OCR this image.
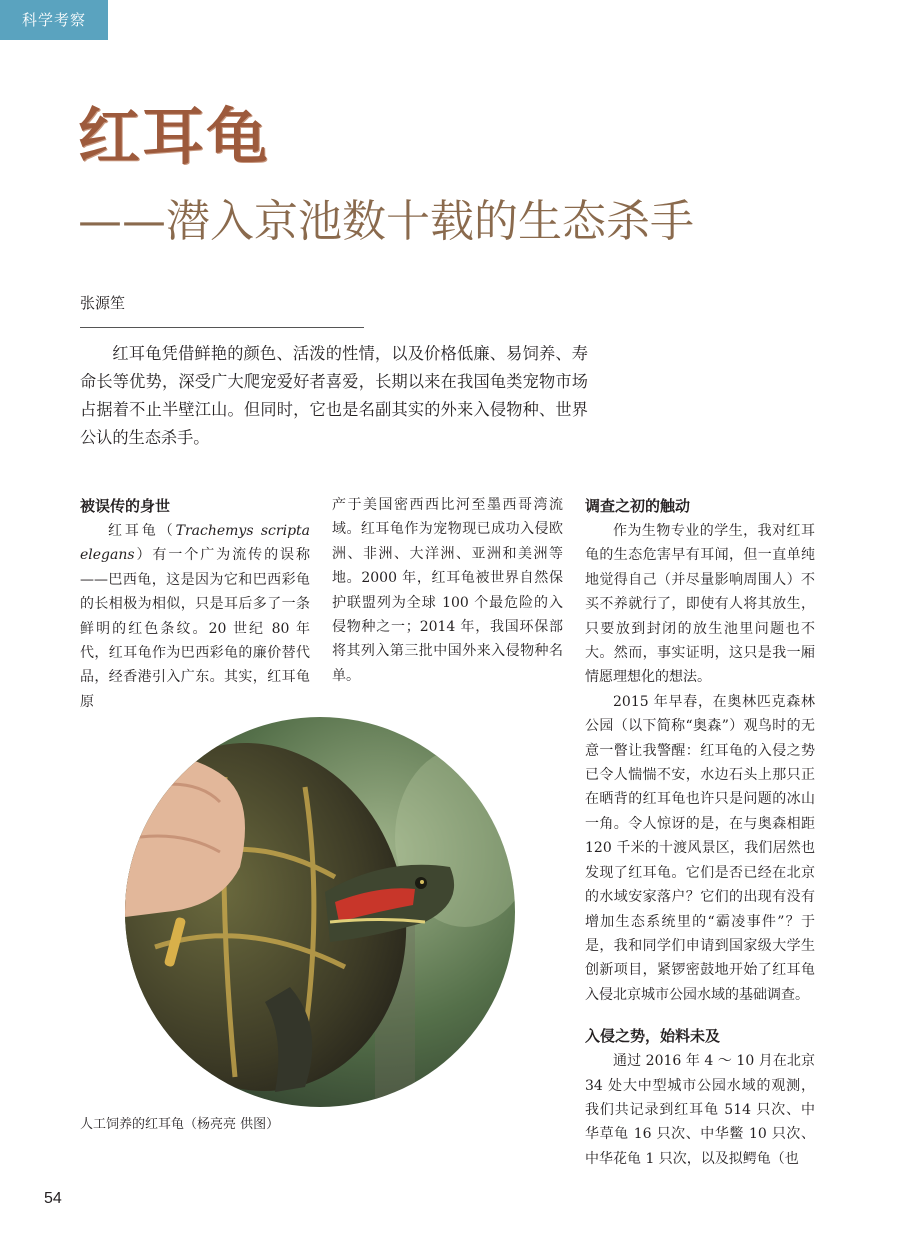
科学考察
红耳龟
——潜入京池数十载的生态杀手
张源笙

红耳龟凭借鲜艳的颜色、活泼的性情，以及价格低廉、易饲养、寿命长等优势，深受广大爬宠爱好者喜爱，长期以来在我国龟类宠物市场占据着不止半壁江山。但同时，它也是名副其实的外来入侵物种、世界公认的生态杀手。

被误传的身世

红耳龟（Trachemys scripta elegans）有一个广为流传的误称——巴西龟，这是因为它和巴西彩龟的长相极为相似，只是耳后多了一条鲜明的红色条纹。20 世纪 80 年代，红耳龟作为巴西彩龟的廉价替代品，经香港引入广东。其实，红耳龟原

产于美国密西西比河至墨西哥湾流域。红耳龟作为宠物现已成功入侵欧洲、非洲、大洋洲、亚洲和美洲等地。2000 年，红耳龟被世界自然保护联盟列为全球 100 个最危险的入侵物种之一；2014 年，我国环保部将其列入第三批中国外来入侵物种名单。

调查之初的触动

作为生物专业的学生，我对红耳龟的生态危害早有耳闻，但一直单纯地觉得自己（并尽量影响周围人）不买不养就行了，即使有人将其放生，只要放到封闭的放生池里问题也不大。然而，事实证明，这只是我一厢情愿理想化的想法。

2015 年早春，在奥林匹克森林公园（以下简称“奥森”）观鸟时的无意一瞥让我警醒：红耳龟的入侵之势已令人惴惴不安，水边石头上那只正在晒背的红耳龟也许只是问题的冰山一角。令人惊讶的是，在与奥森相距 120 千米的十渡风景区，我们居然也发现了红耳龟。它们是否已经在北京的水域安家落户？它们的出现有没有增加生态系统里的“霸凌事件”？于是，我和同学们申请到国家级大学生创新项目，紧锣密鼓地开始了红耳龟入侵北京城市公园水域的基础调查。

入侵之势，始料未及

通过 2016 年 4 ～ 10 月在北京 34 处大中型城市公园水域的观测，我们共记录到红耳龟 514 只次、中华草龟 16 只次、中华鳖 10 只次、中华花龟 1 只次，以及拟鳄龟（也

人工饲养的红耳龟（杨亮亮 供图）
54
